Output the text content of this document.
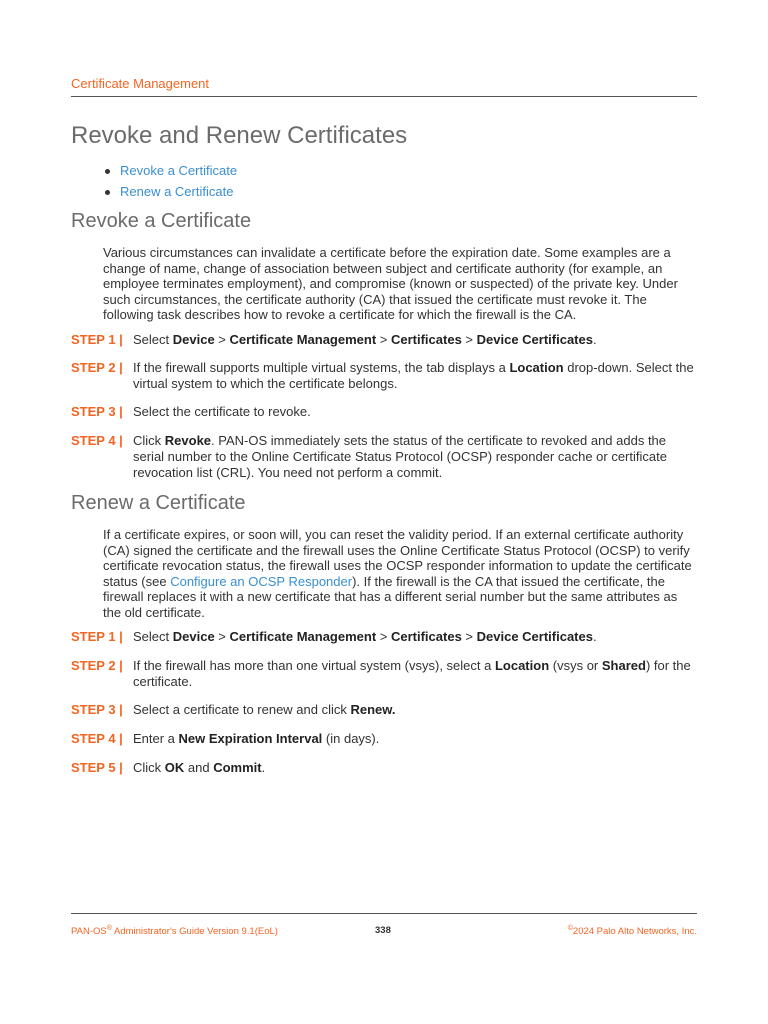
Certificate Management
Revoke and Renew Certificates
Revoke a Certificate
Renew a Certificate
Revoke a Certificate

Various circumstances can invalidate a certificate before the expiration date. Some examples are a change of name, change of association between subject and certificate authority (for example, an employee terminates employment), and compromise (known or suspected) of the private key. Under such circumstances, the certificate authority (CA) that issued the certificate must revoke it. The following task describes how to revoke a certificate for which the firewall is the CA.

STEP 1 | Select Device > Certificate Management > Certificates > Device Certificates.
STEP 2 | If the firewall supports multiple virtual systems, the tab displays a Location drop-down. Select the virtual system to which the certificate belongs.
STEP 3 | Select the certificate to revoke.
STEP 4 | Click Revoke. PAN-OS immediately sets the status of the certificate to revoked and adds the serial number to the Online Certificate Status Protocol (OCSP) responder cache or certificate revocation list (CRL). You need not perform a commit.
Renew a Certificate

If a certificate expires, or soon will, you can reset the validity period. If an external certificate authority (CA) signed the certificate and the firewall uses the Online Certificate Status Protocol (OCSP) to verify certificate revocation status, the firewall uses the OCSP responder information to update the certificate status (see Configure an OCSP Responder). If the firewall is the CA that issued the certificate, the firewall replaces it with a new certificate that has a different serial number but the same attributes as the old certificate.

STEP 1 | Select Device > Certificate Management > Certificates > Device Certificates.
STEP 2 | If the firewall has more than one virtual system (vsys), select a Location (vsys or Shared) for the certificate.
STEP 3 | Select a certificate to renew and click Renew.
STEP 4 | Enter a New Expiration Interval (in days).
STEP 5 | Click OK and Commit.
PAN-OS® Administrator's Guide Version 9.1(EoL)	338	©2024 Palo Alto Networks, Inc.
